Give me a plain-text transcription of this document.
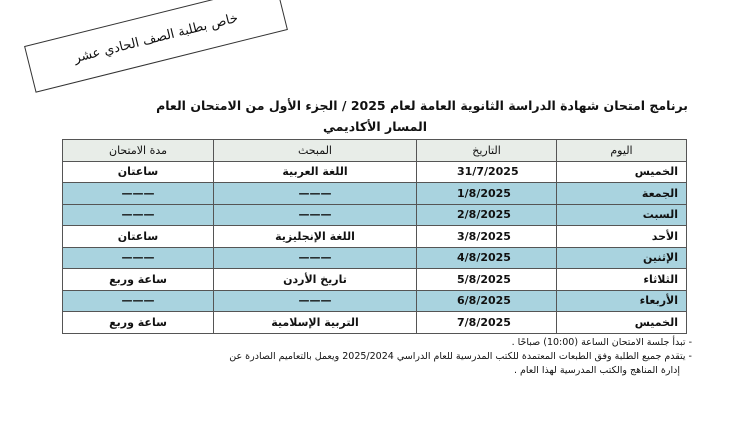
خاص بطلبة الصف الحادي عشر
برنامج امتحان شهادة الدراسة الثانوية العامة لعام 2025 / الجزء الأول من الامتحان العام
المسار الأكاديمي
اليوم	التاريخ	المبحث	مدة الامتحان
الخميس	31/7/2025	اللغة العربية	ساعتان
الجمعة	1/8/2025	———	———
السبت	2/8/2025	———	———
الأحد	3/8/2025	اللغة الإنجليزية	ساعتان
الإثنين	4/8/2025	———	———
الثلاثاء	5/8/2025	تاريخ الأردن	ساعة وربع
الأربعاء	6/8/2025	———	———
الخميس	7/8/2025	التربية الإسلامية	ساعة وربع

- تبدأ جلسة الامتحان الساعة (10:00) صباحًا .

- يتقدم جميع الطلبة وفق الطبعات المعتمدة للكتب المدرسية للعام الدراسي 2025/2024 ويعمل بالتعاميم الصادرة عن

إدارة المناهج والكتب المدرسية لهذا العام .
